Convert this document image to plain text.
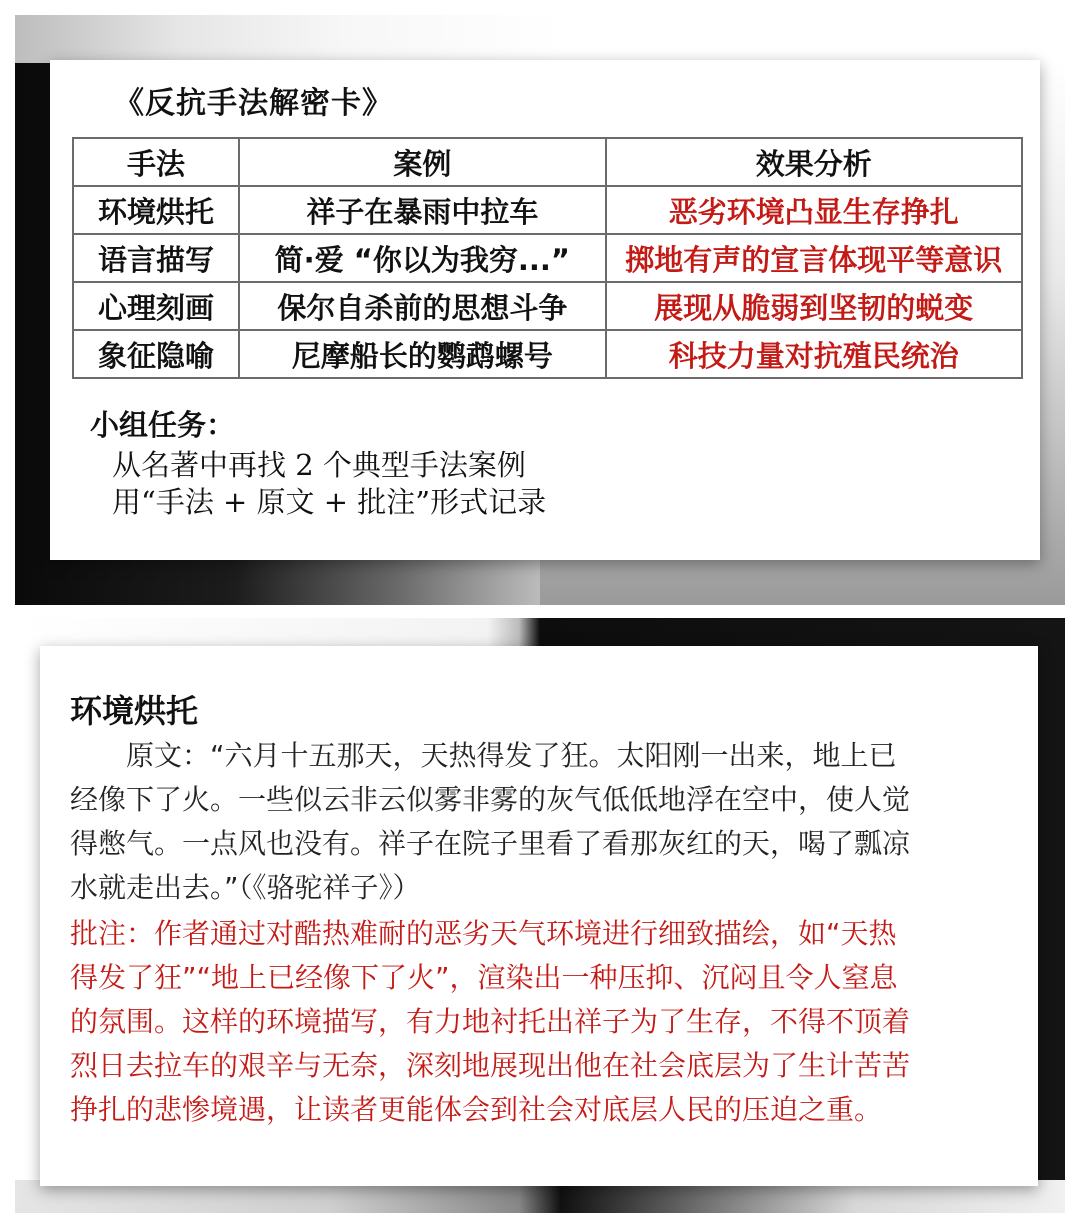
《反抗手法解密卡》
手法	案例	效果分析
环境烘托	祥子在暴雨中拉车	恶劣环境凸显生存挣扎
语言描写	简·爱 “你以为我穷...”	掷地有声的宣言体现平等意识
心理刻画	保尔自杀前的思想斗争	展现从脆弱到坚韧的蜕变
象征隐喻	尼摩船长的鹦鹉螺号	科技力量对抗殖民统治
小组任务：
从名著中再找 2 个典型手法案例
用“手法 + 原文 + 批注”形式记录
环境烘托
　　原文：“六月十五那天，天热得发了狂。太阳刚一出来，地上已
经像下了火。一些似云非云似雾非雾的灰气低低地浮在空中，使人觉
得憋气。一点风也没有。祥子在院子里看了看那灰红的天，喝了瓢凉
水就走出去。”（《骆驼祥子》）
批注：作者通过对酷热难耐的恶劣天气环境进行细致描绘，如“天热
得发了狂”“地上已经像下了火”，渲染出一种压抑、沉闷且令人窒息
的氛围。这样的环境描写，有力地衬托出祥子为了生存，不得不顶着
烈日去拉车的艰辛与无奈，深刻地展现出他在社会底层为了生计苦苦
挣扎的悲惨境遇，让读者更能体会到社会对底层人民的压迫之重。
